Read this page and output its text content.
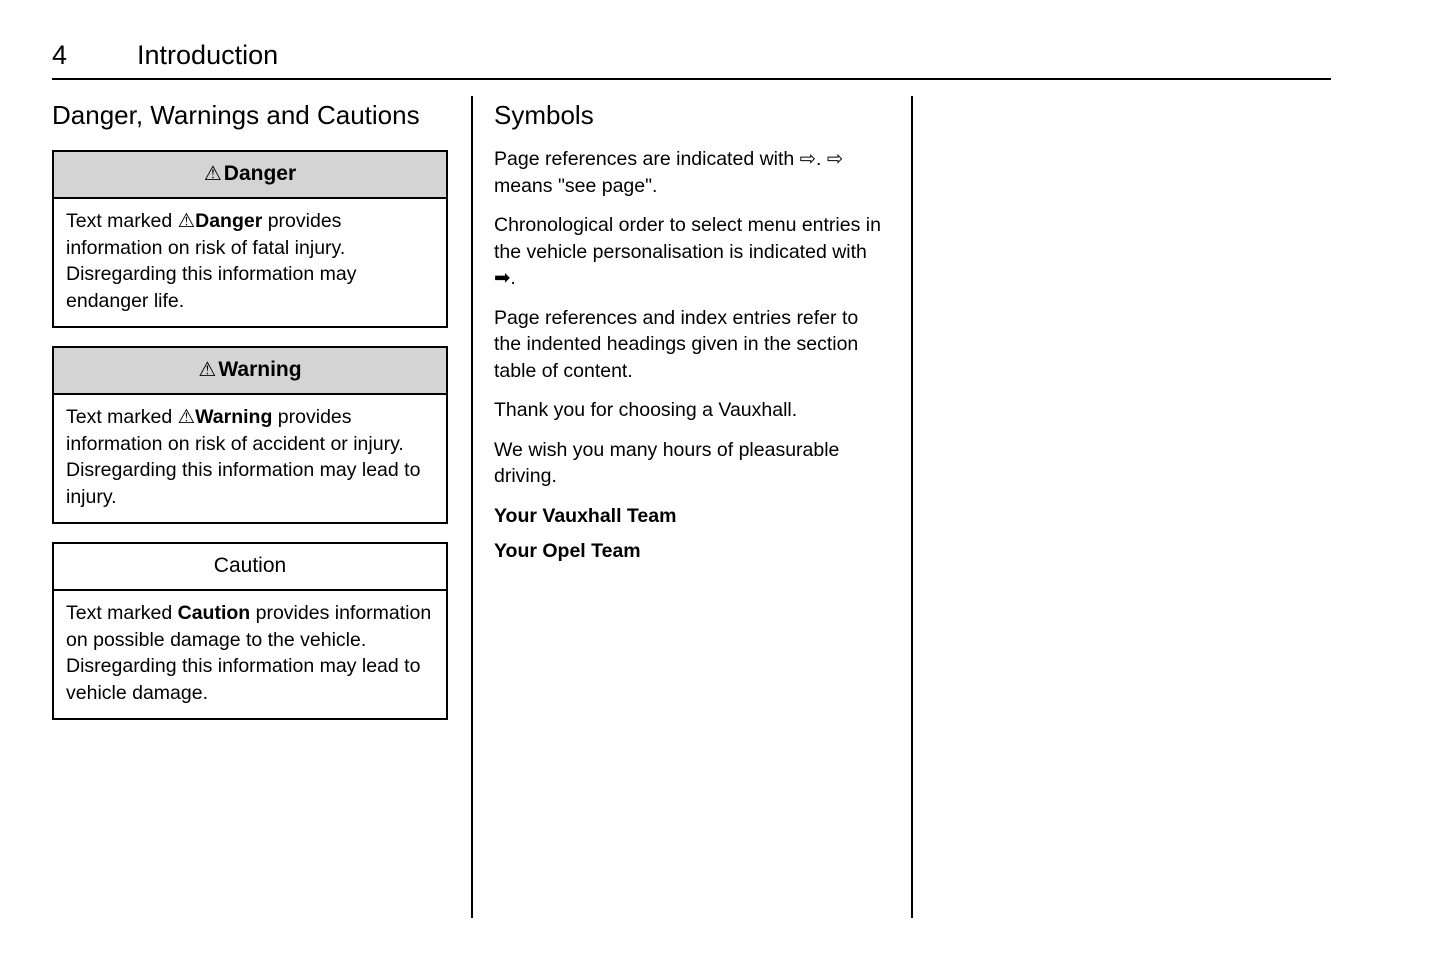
4	Introduction
Danger, Warnings and Cautions
⚠Danger
Text marked ⚠Danger provides information on risk of fatal injury. Disregarding this information may endanger life.
⚠Warning
Text marked ⚠Warning provides information on risk of accident or injury. Disregarding this information may lead to injury.
Caution
Text marked Caution provides information on possible damage to the vehicle. Disregarding this information may lead to vehicle damage.
Symbols

Page references are indicated with ⇨. ⇨ means "see page".

Chronological order to select menu entries in the vehicle personalisation is indicated with ➡.

Page references and index entries refer to the indented headings given in the section table of content.

Thank you for choosing a Vauxhall.

We wish you many hours of pleasurable driving.

Your Vauxhall Team

Your Opel Team
